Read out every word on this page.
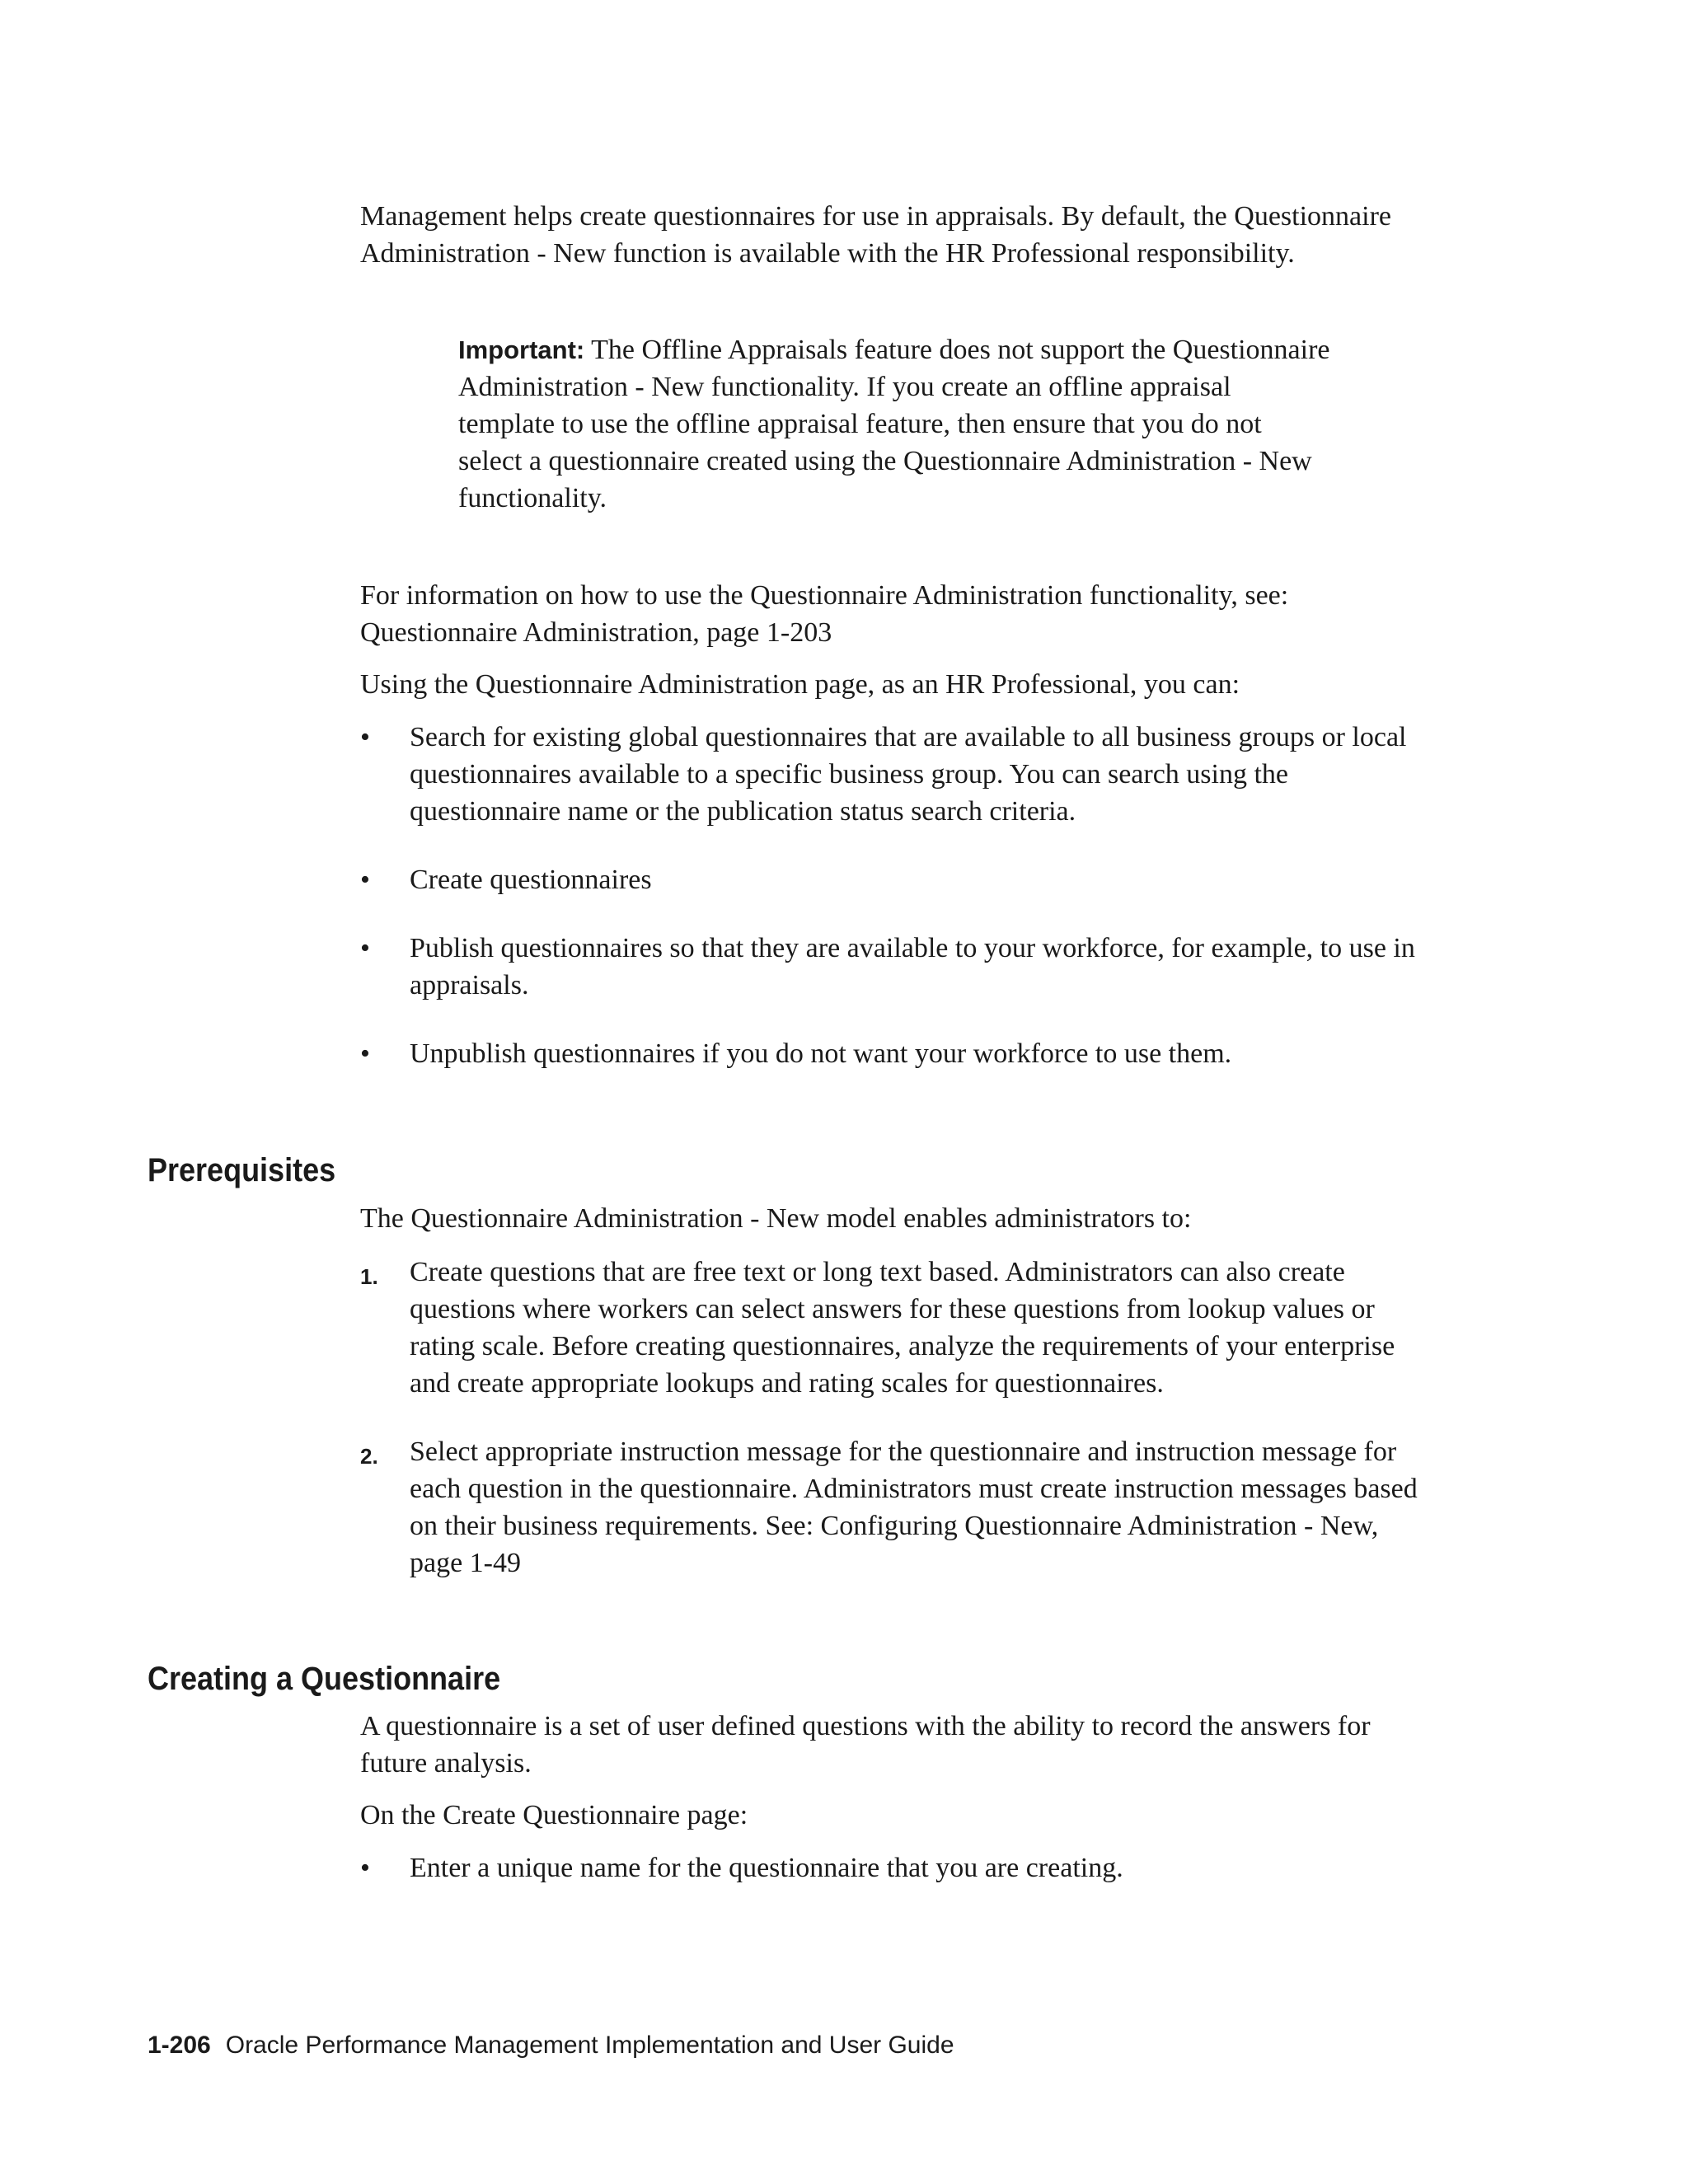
Management helps create questionnaires for use in appraisals. By default, the Questionnaire Administration - New function is available with the HR Professional responsibility.

Important: The Offline Appraisals feature does not support the Questionnaire Administration - New functionality. If you create an offline appraisal template to use the offline appraisal feature, then ensure that you do not select a questionnaire created using the Questionnaire Administration - New functionality.

For information on how to use the Questionnaire Administration functionality, see: Questionnaire Administration, page 1-203

Using the Questionnaire Administration page, as an HR Professional, you can:

•	Search for existing global questionnaires that are available to all business groups or local questionnaires available to a specific business group. You can search using the questionnaire name or the publication status search criteria.
•	Create questionnaires
•	Publish questionnaires so that they are available to your workforce, for example, to use in appraisals.
•	Unpublish questionnaires if you do not want your workforce to use them.
Prerequisites

The Questionnaire Administration - New model enables administrators to:

1. Create questions that are free text or long text based. Administrators can also create questions where workers can select answers for these questions from lookup values or rating scale. Before creating questionnaires, analyze the requirements of your enterprise and create appropriate lookups and rating scales for questionnaires.
2. Select appropriate instruction message for the questionnaire and instruction message for each question in the questionnaire. Administrators must create instruction messages based on their business requirements. See: Configuring Questionnaire Administration - New, page 1-49
Creating a Questionnaire

A questionnaire is a set of user defined questions with the ability to record the answers for future analysis.

On the Create Questionnaire page:

•	Enter a unique name for the questionnaire that you are creating.
1-206 Oracle Performance Management Implementation and User Guide
